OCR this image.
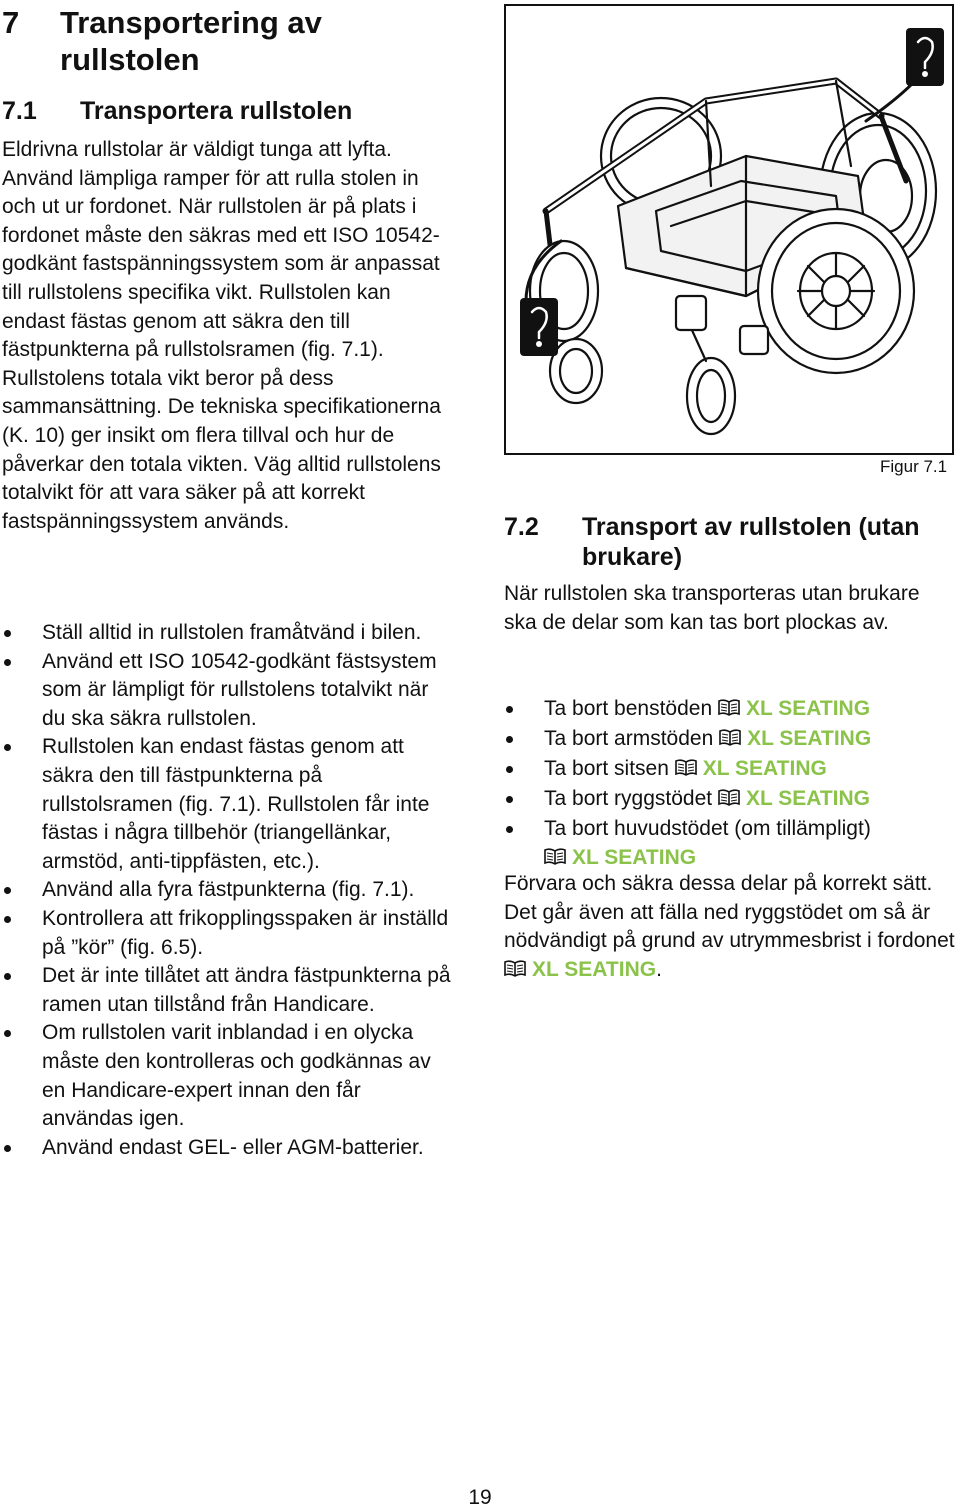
7 Transportering av rullstolen
7.1 Transportera rullstolen

Eldrivna rullstolar är väldigt tunga att lyfta. Använd lämpliga ramper för att rulla stolen in och ut ur fordonet. När rullstolen är på plats i fordonet måste den säkras med ett ISO 10542-godkänt fastspänningssystem som är anpassat till rullstolens specifika vikt. Rullstolen kan endast fästas genom att säkra den till fästpunkterna på rullstolsramen (fig. 7.1). Rullstolens totala vikt beror på dess sammansättning. De tekniska specifikationerna (K. 10) ger insikt om flera tillval och hur de påverkar den totala vikten. Väg alltid rullstolens totalvikt för att vara säker på att korrekt fastspänningssystem används.

Ställ alltid in rullstolen framåtvänd i bilen.
Använd ett ISO 10542-godkänt fästsystem som är lämpligt för rullstolens totalvikt när du ska säkra rullstolen.
Rullstolen kan endast fästas genom att säkra den till fästpunkterna på rullstolsramen (fig. 7.1). Rullstolen får inte fästas i några tillbehör (triangellänkar, armstöd, anti-tippfästen, etc.).
Använd alla fyra fästpunkterna (fig. 7.1).
Kontrollera att frikopplingsspaken är inställd på ”kör” (fig. 6.5).
Det är inte tillåtet att ändra fästpunkterna på ramen utan tillstånd från Handicare.
Om rullstolen varit inblandad i en olycka måste den kontrolleras och godkännas av en Handicare-expert innan den får användas igen.
Använd endast GEL- eller AGM-batterier.
Figur 7.1
7.2 Transport av rullstolen (utan brukare)

När rullstolen ska transporteras utan brukare ska de delar som kan tas bort plockas av.

Ta bort benstöden XL SEATING
Ta bort armstöden XL SEATING
Ta bort sitsen XL SEATING
Ta bort ryggstödet XL SEATING
Ta bort huvudstödet (om tillämpligt) XL SEATING

Förvara och säkra dessa delar på korrekt sätt. Det går även att fälla ned ryggstödet om så är nödvändigt på grund av utrymmesbrist i fordonet XL SEATING.

19
